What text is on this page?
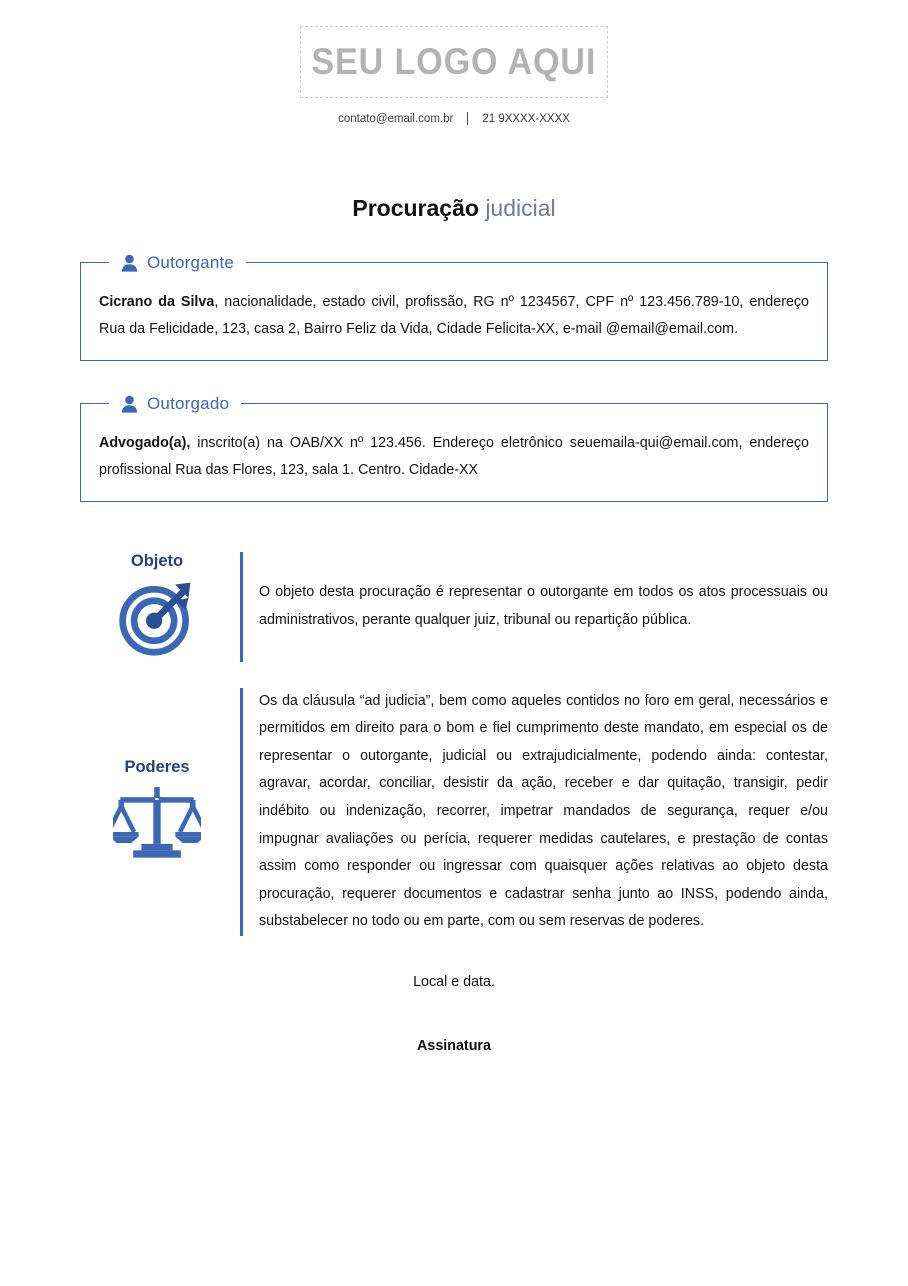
SEU LOGO AQUI
contato@email.com.br	21 9XXXX-XXXX
Procuração judicial
Outorgante
Cicrano da Silva, nacionalidade, estado civil, profissão, RG nº 1234567, CPF nº 123.456.789-10, endereço Rua da Felicidade, 123, casa 2, Bairro Feliz da Vida, Cidade Felicita-XX, e-mail @email@email.com.
Outorgado
Advogado(a), inscrito(a) na OAB/XX nº 123.456. Endereço eletrônico seuemaila-qui@email.com, endereço profissional Rua das Flores, 123, sala 1. Centro. Cidade-XX
Objeto
O objeto desta procuração é representar o outorgante em todos os atos processuais ou administrativos, perante qualquer juiz, tribunal ou repartição pública.
Poderes
Os da cláusula “ad judicia”, bem como aqueles contidos no foro em geral, necessários e permitidos em direito para o bom e fiel cumprimento deste mandato, em especial os de representar o outorgante, judicial ou extrajudicialmente, podendo ainda: contestar, agravar, acordar, conciliar, desistir da ação, receber e dar quitação, transigir, pedir indébito ou indenização, recorrer, impetrar mandados de segurança, requer e/ou impugnar avaliações ou perícia, requerer medidas cautelares, e prestação de contas assim como responder ou ingressar com quaisquer ações relativas ao objeto desta procuração, requerer documentos e cadastrar senha junto ao INSS, podendo ainda, substabelecer no todo ou em parte, com ou sem reservas de poderes.
Local e data.
Assinatura
